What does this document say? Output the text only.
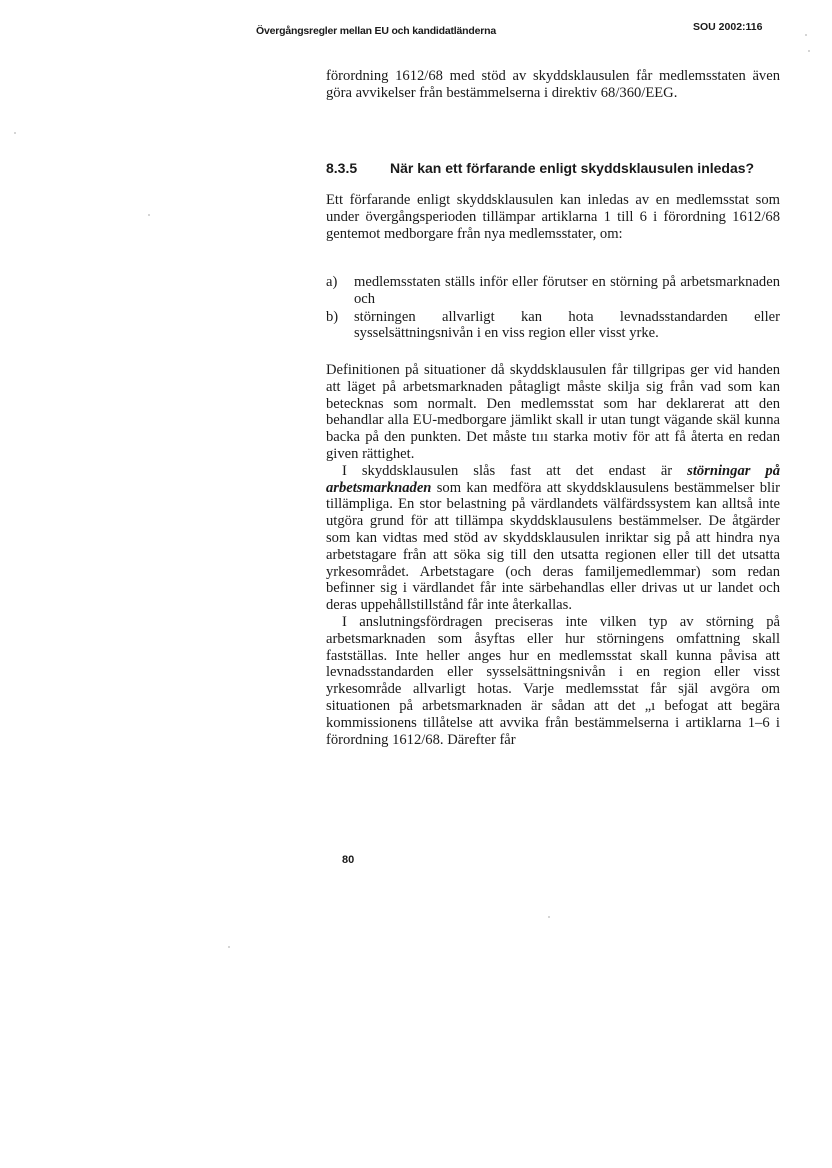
Övergångsregler mellan EU och kandidatländerna	SOU 2002:116

förordning 1612/68 med stöd av skyddsklausulen får medlemsstaten även göra avvikelser från bestämmelserna i direktiv 68/360/EEG.

8.3.5 När kan ett förfarande enligt skyddsklausulen inledas?

Ett förfarande enligt skyddsklausulen kan inledas av en medlemsstat som under övergångsperioden tillämpar artiklarna 1 till 6 i förordning 1612/68 gentemot medborgare från nya medlemsstater, om:

a)	medlemsstaten ställs inför eller förutser en störning på arbetsmarknaden och
b)	störningen allvarligt kan hota levnadsstandarden eller sysselsättningsnivån i en viss region eller visst yrke.

Definitionen på situationer då skyddsklausulen får tillgripas ger vid handen att läget på arbetsmarknaden påtagligt måste skilja sig från vad som kan betecknas som normalt. Den medlemsstat som har deklarerat att den behandlar alla EU-medborgare jämlikt skall ir utan tungt vägande skäl kunna backa på den punkten. Det måste tııı starka motiv för att få återta en redan given rättighet.

I skyddsklausulen slås fast att det endast är störningar på arbetsmarknaden som kan medföra att skyddsklausulens bestämmelser blir tillämpliga. En stor belastning på värdlandets välfärdssystem kan alltså inte utgöra grund för att tillämpa skyddsklausulens bestämmelser. De åtgärder som kan vidtas med stöd av skyddsklausulen inriktar sig på att hindra nya arbetstagare från att söka sig till den utsatta regionen eller till det utsatta yrkesområdet. Arbetstagare (och deras familjemedlemmar) som redan befinner sig i värdlandet får inte särbehandlas eller drivas ut ur landet och deras uppehållstillstånd får inte återkallas.

I anslutningsfördragen preciseras inte vilken typ av störning på arbetsmarknaden som åsyftas eller hur störningens omfattning skall fastställas. Inte heller anges hur en medlemsstat skall kunna påvisa att levnadsstandarden eller sysselsättningsnivån i en region eller visst yrkesområde allvarligt hotas. Varje medlemsstat får själ avgöra om situationen på arbetsmarknaden är sådan att det „ı befogat att begära kommissionens tillåtelse att avvika från bestämmelserna i artiklarna 1–6 i förordning 1612/68. Därefter får

80
